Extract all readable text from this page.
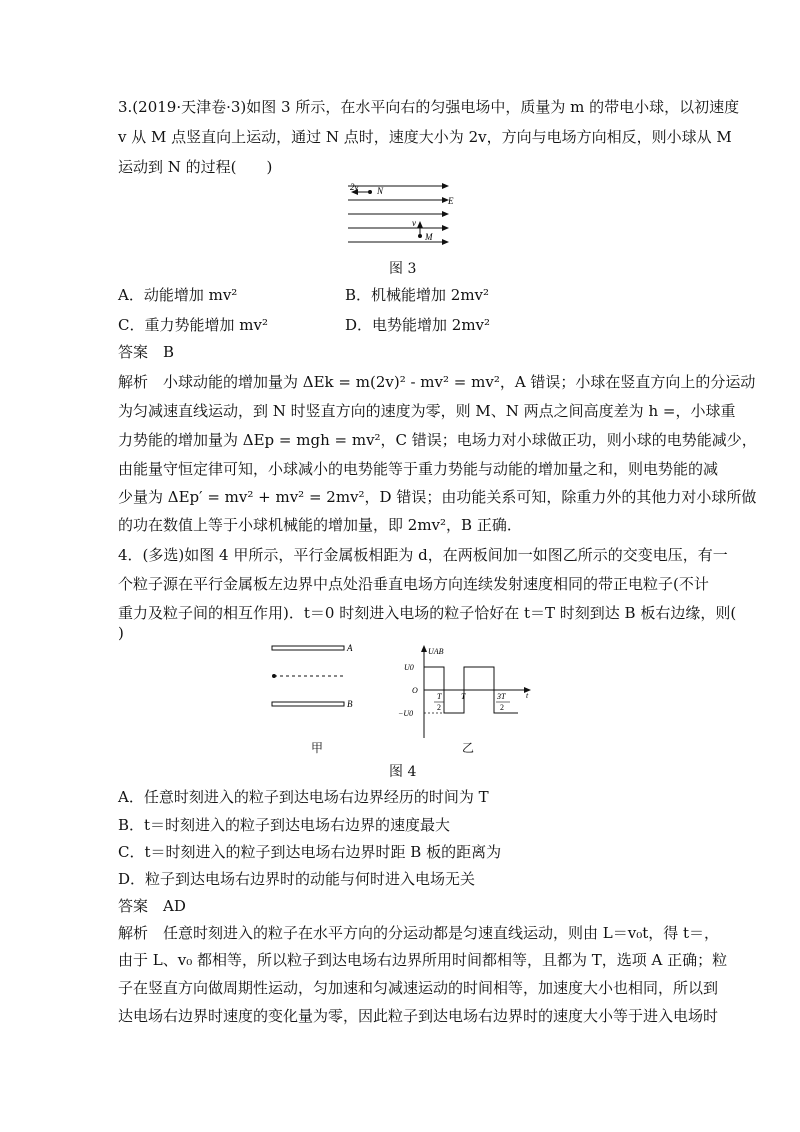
3.(2019·天津卷·3)如图 3 所示，在水平向右的匀强电场中，质量为 m 的带电小球，以初速度
v 从 M 点竖直向上运动，通过 N 点时，速度大小为 2v，方向与电场方向相反，则小球从 M
运动到 N 的过程(　　)
2v N
E
v
M
图 3
A．动能增加 mv²	B．机械能增加 2mv²
C．重力势能增加 mv²	D．电势能增加 2mv²
答案　B
解析　小球动能的增加量为 ΔEk = m(2v)² - mv² = mv²，A 错误；小球在竖直方向上的分运动
为匀减速直线运动，到 N 时竖直方向的速度为零，则 M、N 两点之间高度差为 h =，小球重
力势能的增加量为 ΔEp = mgh = mv²，C 错误；电场力对小球做正功，则小球的电势能减少，
由能量守恒定律可知，小球减小的电势能等于重力势能与动能的增加量之和，则电势能的减
少量为 ΔEp′ = mv² + mv² = 2mv²，D 错误；由功能关系可知，除重力外的其他力对小球所做
的功在数值上等于小球机械能的增加量，即 2mv²，B 正确．
4．(多选)如图 4 甲所示，平行金属板相距为 d，在两板间加一如图乙所示的交变电压，有一
个粒子源在平行金属板左边界中点处沿垂直电场方向连续发射速度相同的带正电粒子(不计
重力及粒子间的相互作用)．t＝0 时刻进入电场的粒子恰好在 t＝T 时刻到达 B 板右边缘，则(
)
A
B
甲
UAB
U0
O
−U0
t
T
2
T	3T
2
乙
图 4
A．任意时刻进入的粒子到达电场右边界经历的时间为 T
B．t＝时刻进入的粒子到达电场右边界的速度最大
C．t＝时刻进入的粒子到达电场右边界时距 B 板的距离为
D．粒子到达电场右边界时的动能与何时进入电场无关
答案　AD
解析　任意时刻进入的粒子在水平方向的分运动都是匀速直线运动，则由 L＝v₀t，得 t＝，
由于 L、v₀ 都相等，所以粒子到达电场右边界所用时间都相等，且都为 T，选项 A 正确；粒
子在竖直方向做周期性运动，匀加速和匀减速运动的时间相等，加速度大小也相同，所以到
达电场右边界时速度的变化量为零，因此粒子到达电场右边界时的速度大小等于进入电场时
